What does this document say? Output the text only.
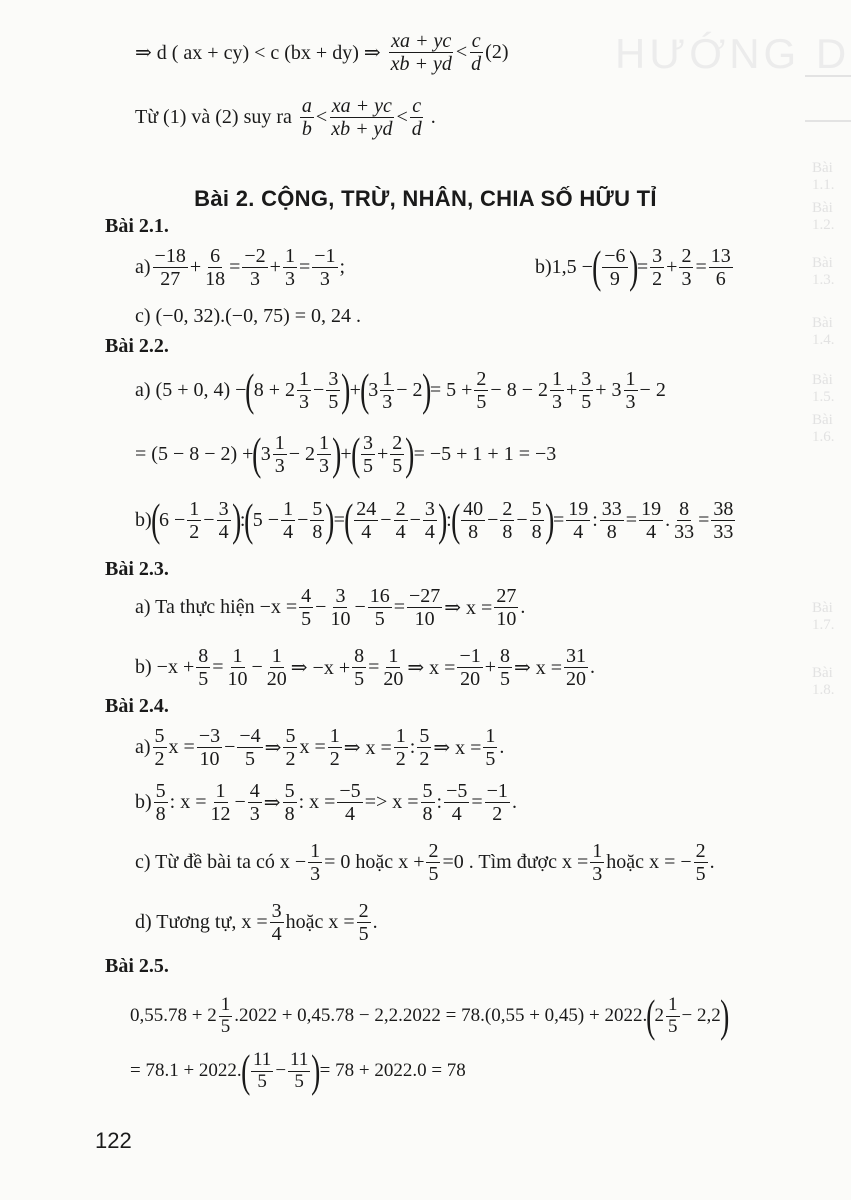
HƯỚNG D
Bài 1.1.
Bài 1.2.
Bài 1.3.
Bài 1.4.
Bài 1.5.
Bài 1.6.
Bài 1.7.
Bài 1.8.
⇒ d ( ax + cy) < c (bx + dy) ⇒
xa + yc
xb + yd
< c
d
(2)
Từ (1) và (2) suy ra a
b
< xa + yc
xb + yd
< c
d
.
Bài 2. CỘNG, TRỪ, NHÂN, CHIA SỐ HỮU TỈ
Bài 2.1.
a) −18
27
+ $\frac{6}{18} = \frac{-2}{3} + \frac{1}{3} = \frac{-1}{3}$ ;	b)1,5 − ( −6
9 ) = $\frac{3}{2} + \frac{2}{3} = \frac{13}{6}$
c) (−0, 32).(−0, 75) = 0, 24 .
Bài 2.2.
a) (5 + 0, 4) − ( 8 + 2 1
3
− $\frac{3}{5}$ ) + ( 3 1
3
− 2 ) = $5 + \frac{2}{5} - 8 - 2$ 1
3
+ $\frac{3}{5} + 3$ 1
3
− 2
= (5 − 8 − 2) + ( 3 1
3
− 2 1
3 ) + ( 3
5
+ $\frac{2}{5}$ ) = −5 + 1 + 1 = −3
b) ( $6 - \frac{1}{2} - \frac{3}{4}$ ) : ( $5 - \frac{1}{4} - \frac{5}{8}$ ) = ( 24
4
− $\frac{2}{4} - \frac{3}{4}$ ) : ( 40
8
− $\frac{2}{8} - \frac{5}{8}$ ) = $\frac{19}{4}$ : $\frac{33}{8} = \frac{19}{4}$ . $\frac{8}{33} = \frac{38}{33}$
Bài 2.3.
a) Ta thực hiện $-x = \frac{4}{5} - \frac{3}{10} - \frac{16}{5} = \frac{-27}{10}$ ⇒ $x = \frac{27}{10}$ .
$b) -x + \frac{8}{5} = \frac{1}{10} - \frac{1}{20}$ ⇒ $-x + \frac{8}{5} = \frac{1}{20}$ ⇒ $x = \frac{-1}{20} + \frac{8}{5}$ ⇒ $x = \frac{31}{20}$ .
Bài 2.4.
a) 5
2
$x = \frac{-3}{10} - \frac{-4}{5}$ ⇒
5
2
$x = \frac{1}{2}$ ⇒ $x = \frac{1}{2}$ : 5
2 ⇒ $x = \frac{1}{5}$ .
b) 5
8
: $x = \frac{1}{12} - \frac{4}{3}$ ⇒
5
8
: $x = \frac{-5}{4} => x = \frac{5}{8}$ : $\frac{-5}{4} = \frac{-1}{2}$ .
c) Từ đề bài ta có $x - \frac{1}{3} = 0$ hoặc $x + \frac{2}{5} =0$ . Tìm được $x = \frac{1}{3}$ hoặc x = − $\frac{2}{5}$ .
d) Tương tự, $x = \frac{3}{4}$ hoặc $x = \frac{2}{5}$ .
Bài 2.5.
0,55.78 + 2
1
5 .2022 + 0,45.78 − 2,2.2022 = 78.(0,55 + 0,45) + 2022. ( 2
1
5 − 2,2 )
= 78.1 + 2022. ( 11
$5 - \frac{11}{5}$ ) = 78 + 2022.0 = 78
122
